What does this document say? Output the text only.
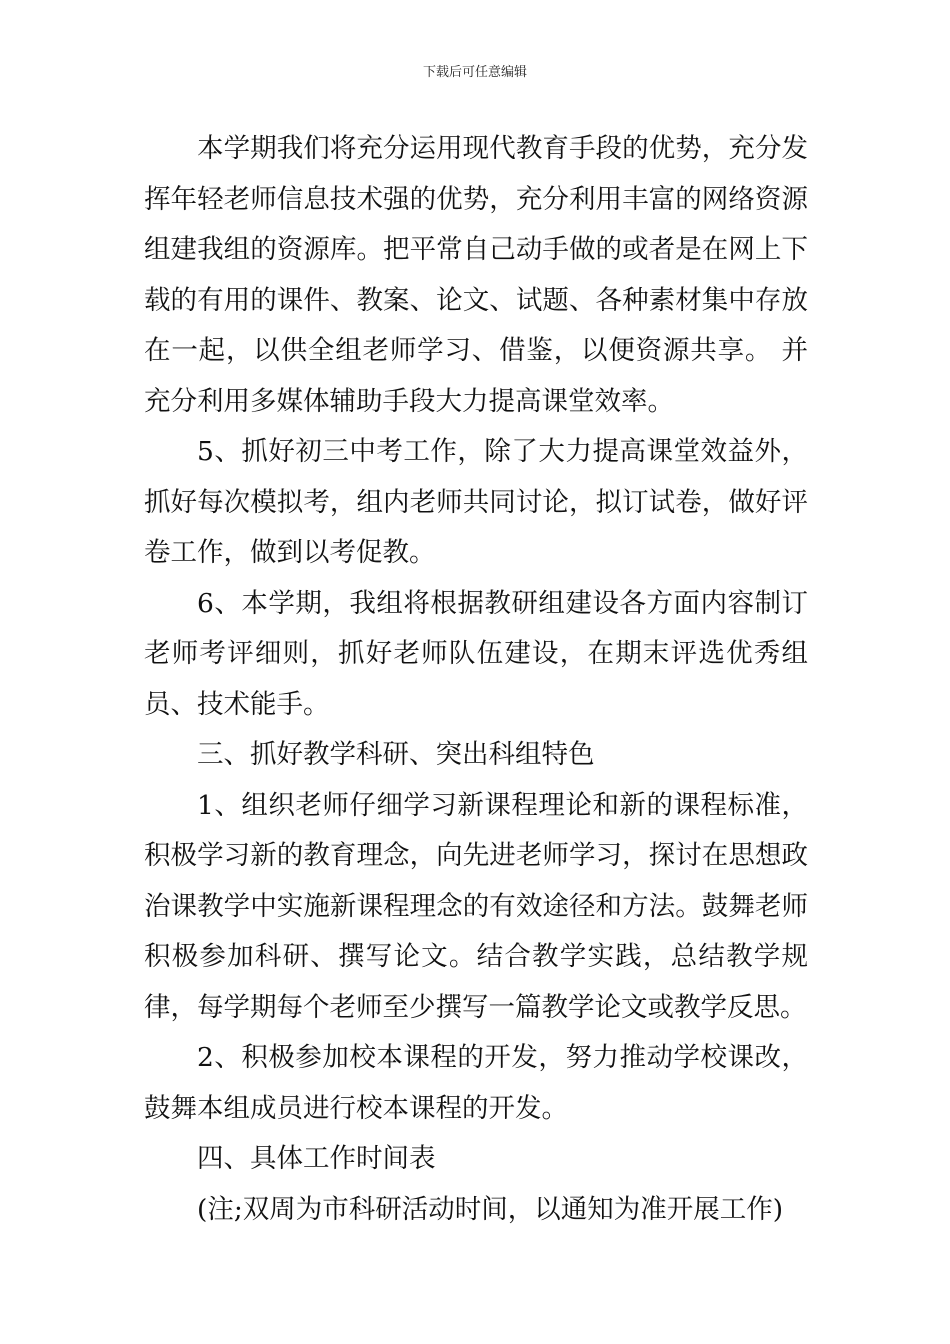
下载后可任意编辑

本学期我们将充分运用现代教育手段的优势，充分发挥年轻老师信息技术强的优势，充分利用丰富的网络资源组建我组的资源库。把平常自己动手做的或者是在网上下载的有用的课件、教案、论文、试题、各种素材集中存放在一起，以供全组老师学习、借鉴，以便资源共享。 并充分利用多媒体辅助手段大力提高课堂效率。

5、抓好初三中考工作，除了大力提高课堂效益外，抓好每次模拟考，组内老师共同讨论，拟订试卷，做好评卷工作，做到以考促教。

6、本学期，我组将根据教研组建设各方面内容制订老师考评细则，抓好老师队伍建设，在期末评选优秀组员、技术能手。

三、抓好教学科研、突出科组特色

1、组织老师仔细学习新课程理论和新的课程标准，积极学习新的教育理念，向先进老师学习，探讨在思想政治课教学中实施新课程理念的有效途径和方法。鼓舞老师积极参加科研、撰写论文。结合教学实践，总结教学规律，每学期每个老师至少撰写一篇教学论文或教学反思。

2、积极参加校本课程的开发，努力推动学校课改，鼓舞本组成员进行校本课程的开发。

四、具体工作时间表

(注;双周为市科研活动时间，以通知为准开展工作)
